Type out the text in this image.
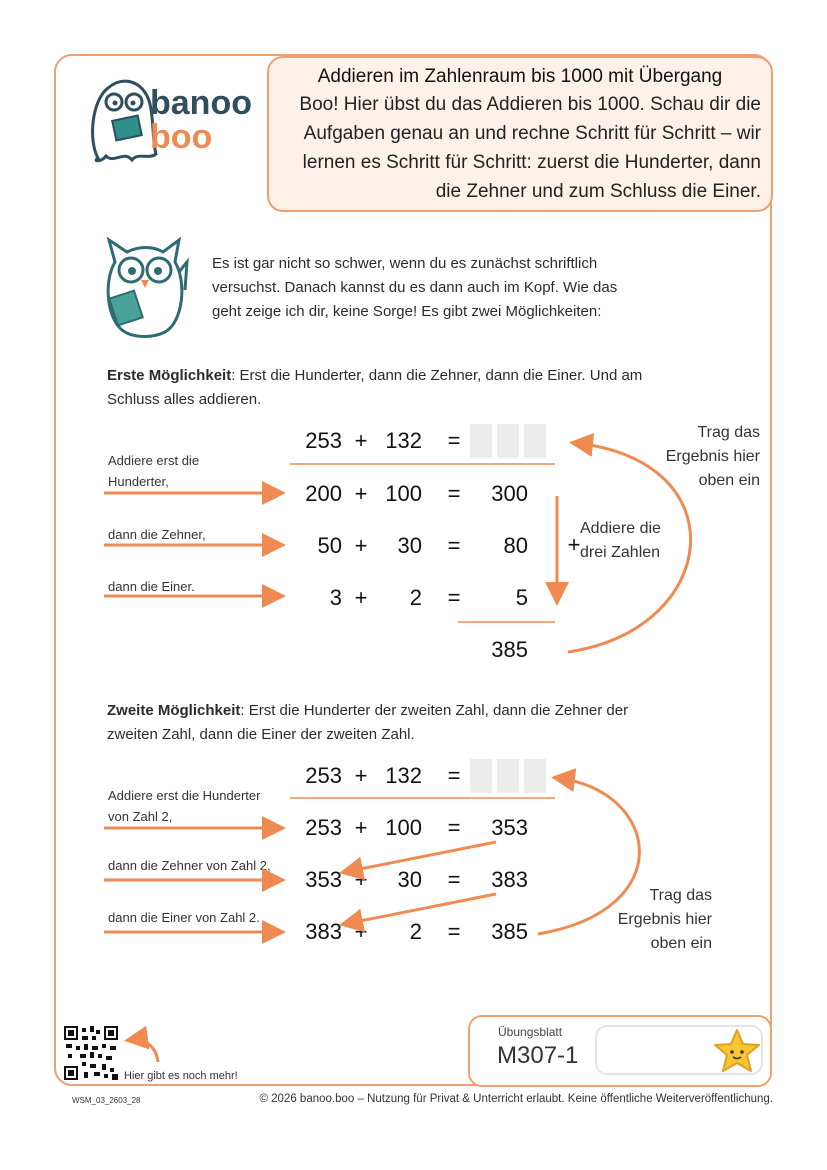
banoo
boo
Addieren im Zahlenraum bis 1000 mit Übergang

Boo! Hier übst du das Addieren bis 1000. Schau dir die
Aufgaben genau an und rechne Schritt für Schritt – wir
lernen es Schritt für Schritt: zuerst die Hunderter, dann
die Zehner und zum Schluss die Einer.

Es ist gar nicht so schwer, wenn du es zunächst schriftlich
versuchst. Danach kannst du es dann auch im Kopf. Wie das
geht zeige ich dir, keine Sorge! Es gibt zwei Möglichkeiten:
Erste Möglichkeit: Erst die Hunderter, dann die Zehner, dann die Einer. Und am
Schluss alles addieren.
Addiere erst die
Hunderter,
dann die Zehner,
dann die Einer.
253 + 132 =
200 + 100 =	300
50 +	30 =	80
3 +	2 =	5
385
+
Addiere die
drei Zahlen
Trag das
Ergebnis hier
oben ein
Zweite Möglichkeit: Erst die Hunderter der zweiten Zahl, dann die Zehner der
zweiten Zahl, dann die Einer der zweiten Zahl.
Addiere erst die Hunderter
von Zahl 2,
dann die Zehner von Zahl 2,
dann die Einer von Zahl 2.
253 + 132 =
253 + 100 =	353
353 +	30 =	383
383 +	2 =	385
Trag das
Ergebnis hier
oben ein
Hier gibt es noch mehr!
Übungsblatt
M307-1
WSM_03_2603_28	© 2026 banoo.boo – Nutzung für Privat & Unterricht erlaubt. Keine öffentliche Weiterveröffentlichung.
